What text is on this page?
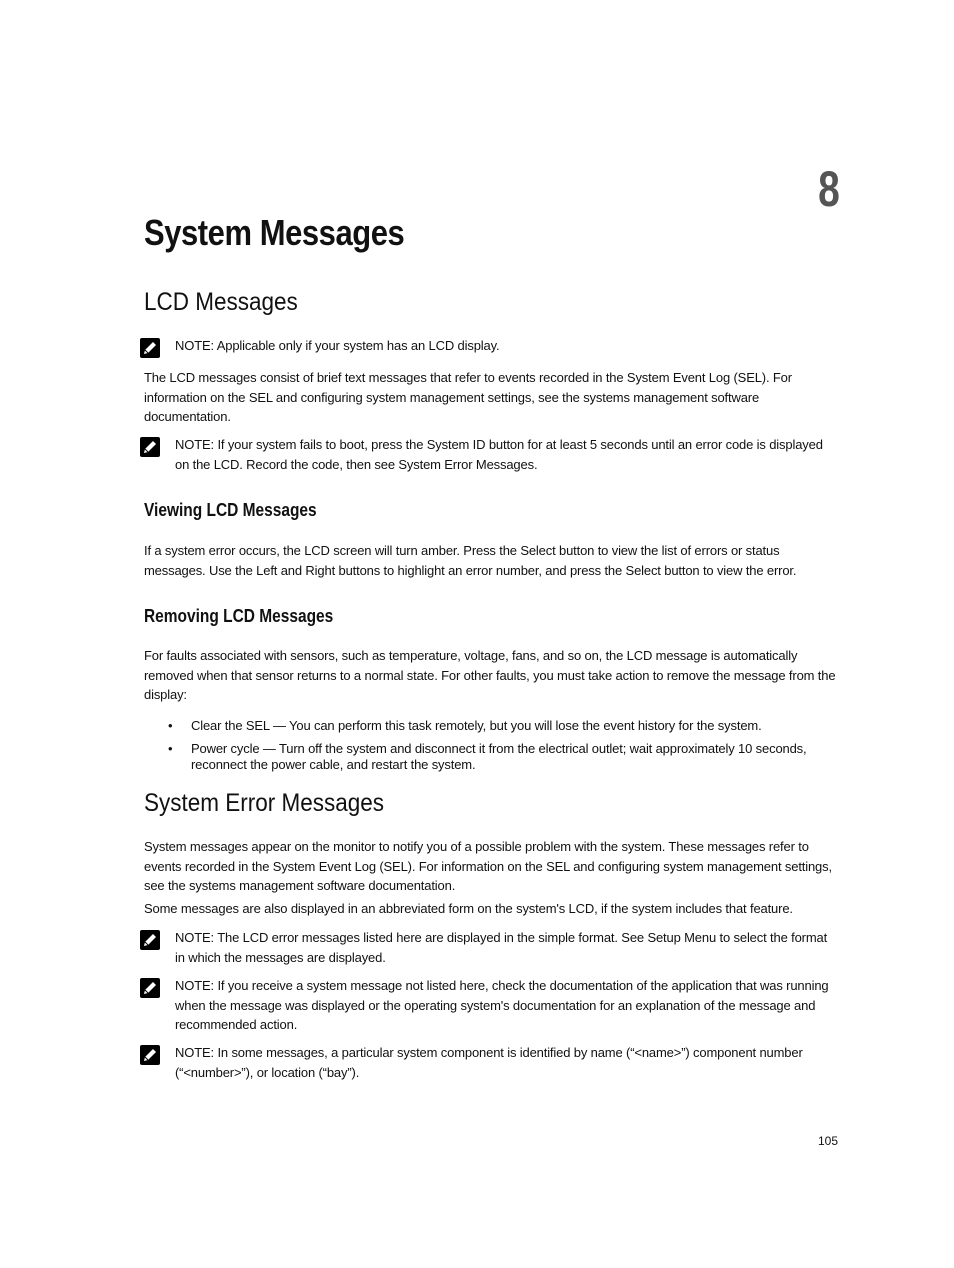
8
System Messages
LCD Messages
NOTE: Applicable only if your system has an LCD display.
The LCD messages consist of brief text messages that refer to events recorded in the System Event Log (SEL). For information on the SEL and configuring system management settings, see the systems management software documentation.
NOTE: If your system fails to boot, press the System ID button for at least 5 seconds until an error code is displayed on the LCD. Record the code, then see System Error Messages.
Viewing LCD Messages
If a system error occurs, the LCD screen will turn amber. Press the Select button to view the list of errors or status messages. Use the Left and Right buttons to highlight an error number, and press the Select button to view the error.
Removing LCD Messages
For faults associated with sensors, such as temperature, voltage, fans, and so on, the LCD message is automatically removed when that sensor returns to a normal state. For other faults, you must take action to remove the message from the display:
• Clear the SEL — You can perform this task remotely, but you will lose the event history for the system.
• Power cycle — Turn off the system and disconnect it from the electrical outlet; wait approximately 10 seconds, reconnect the power cable, and restart the system.
System Error Messages
System messages appear on the monitor to notify you of a possible problem with the system. These messages refer to events recorded in the System Event Log (SEL). For information on the SEL and configuring system management settings, see the systems management software documentation.
Some messages are also displayed in an abbreviated form on the system's LCD, if the system includes that feature.
NOTE: The LCD error messages listed here are displayed in the simple format. See Setup Menu to select the format in which the messages are displayed.
NOTE: If you receive a system message not listed here, check the documentation of the application that was running when the message was displayed or the operating system's documentation for an explanation of the message and recommended action.
NOTE: In some messages, a particular system component is identified by name (“<name>”) component number (“<number>”), or location (“bay”).
105
